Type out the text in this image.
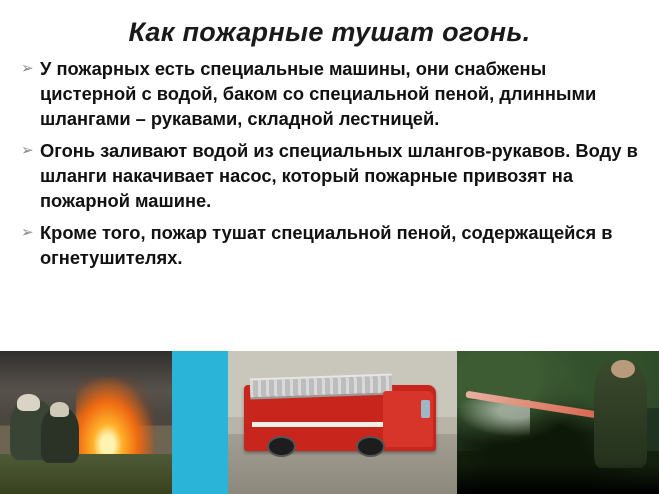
Как пожарные тушат огонь.
➢ У пожарных есть специальные машины, они снабжены цистерной с водой, баком со специальной пеной, длинными шлангами – рукавами, складной лестницей.
➢ Огонь заливают водой из специальных шлангов-рукавов. Воду в шланги накачивает насос, который пожарные привозят на пожарной машине.
➢ Кроме того, пожар тушат специальной пеной, содержащейся в огнетушителях.
